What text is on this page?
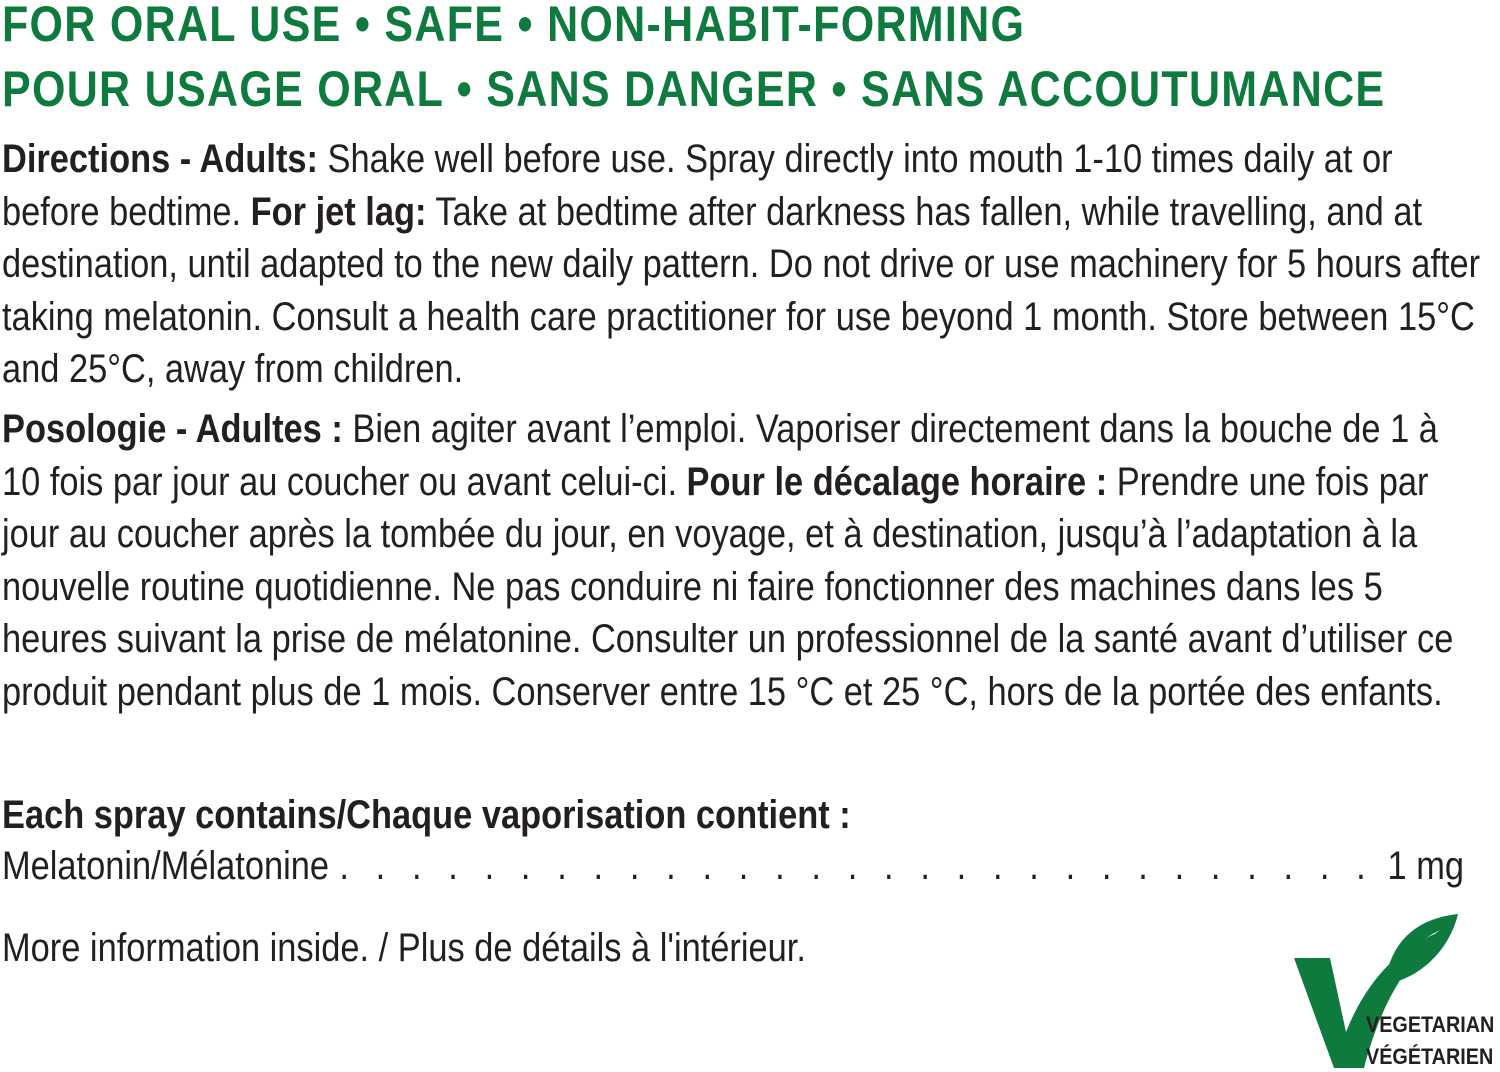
FOR ORAL USE • SAFE • NON-HABIT-FORMING
POUR USAGE ORAL • SANS DANGER • SANS ACCOUTUMANCE

Directions - Adults: Shake well before use. Spray directly into mouth 1-10 times daily at or before bedtime. For jet lag: Take at bedtime after darkness has fallen, while travelling, and at destination, until adapted to the new daily pattern. Do not drive or use machinery for 5 hours after taking melatonin. Consult a health care practitioner for use beyond 1 month. Store between 15°C and 25°C, away from children.

Posologie - Adultes : Bien agiter avant l’emploi. Vaporiser directement dans la bouche de 1 à 10 fois par jour au coucher ou avant celui-ci. Pour le décalage horaire : Prendre une fois par jour au coucher après la tombée du jour, en voyage, et à destination, jusqu’à l’adaptation à la nouvelle routine quotidienne. Ne pas conduire ni faire fonctionner des machines dans les 5 heures suivant la prise de mélatonine. Consulter un professionnel de la santé avant d’utiliser ce produit pendant plus de 1 mois. Conserver entre 15 °C et 25 °C, hors de la portée des enfants.

Each spray contains/Chaque vaporisation contient :
Melatonin/Mélatonine
. . .	1 mg

More information inside. / Plus de détails à l'intérieur.

VEGETARIAN
VÉGÉTARIEN
